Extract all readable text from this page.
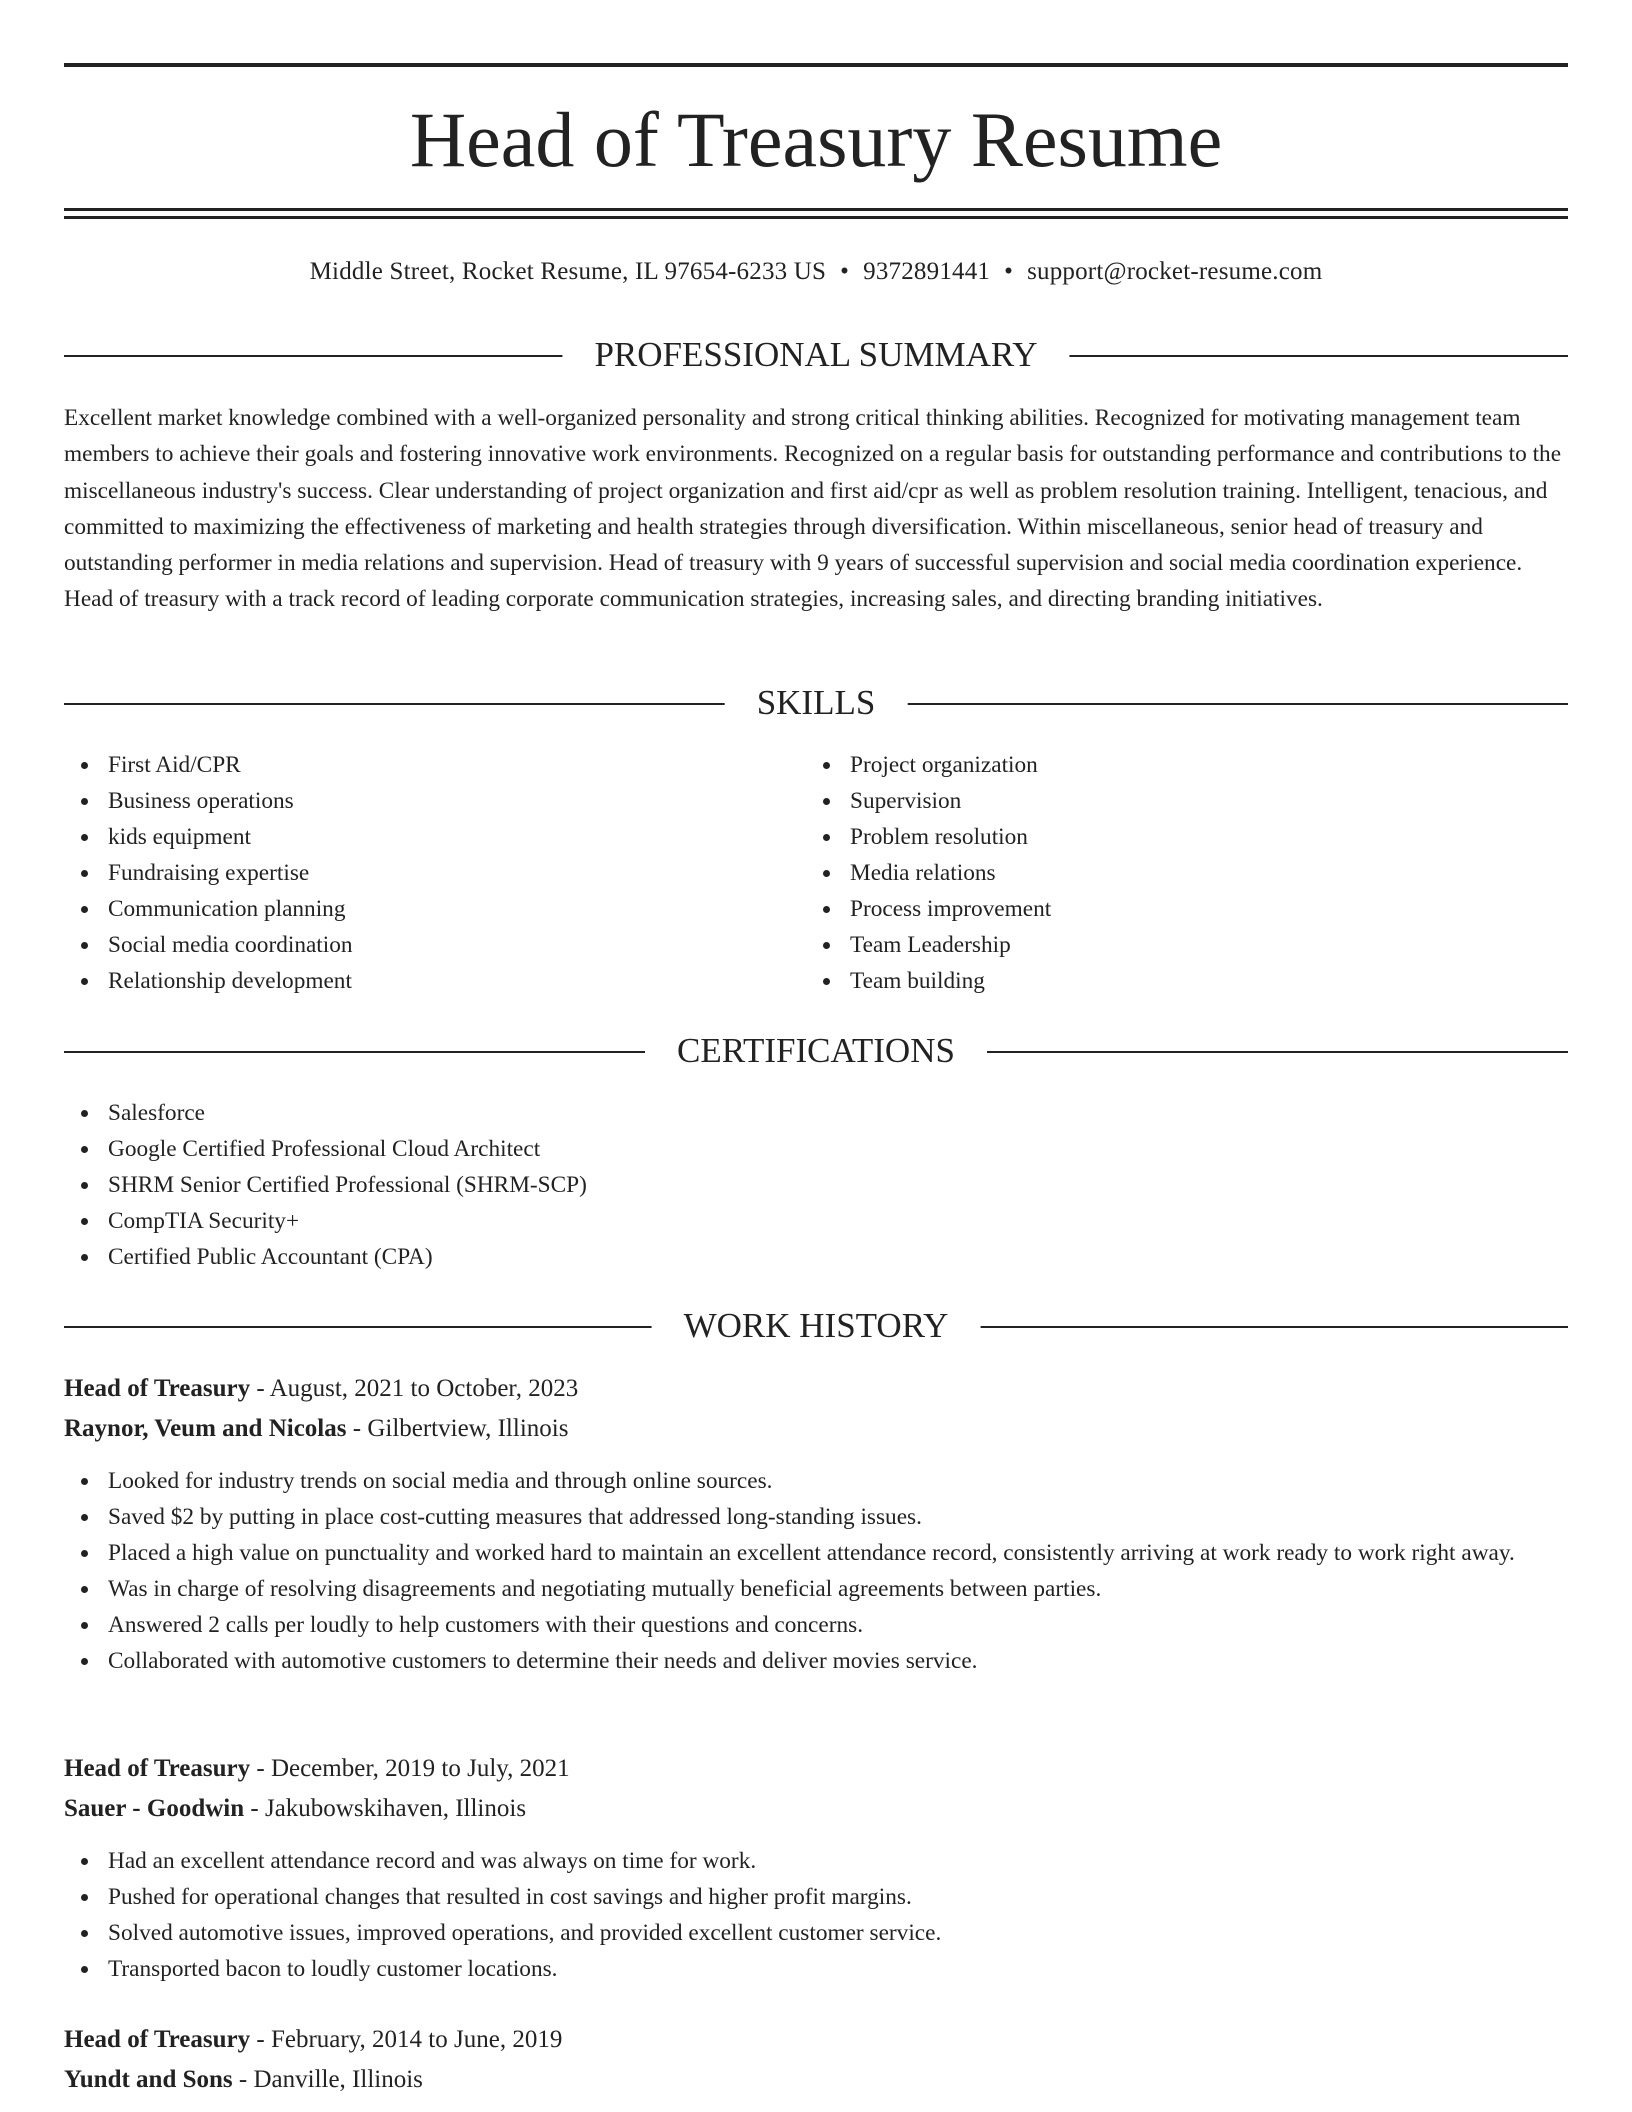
Head of Treasury Resume
Middle Street, Rocket Resume, IL 97654-6233 US • 9372891441 • support@rocket-resume.com
PROFESSIONAL SUMMARY

Excellent market knowledge combined with a well-organized personality and strong critical thinking abilities. Recognized for motivating management team members to achieve their goals and fostering innovative work environments. Recognized on a regular basis for outstanding performance and contributions to the miscellaneous industry's success. Clear understanding of project organization and first aid/cpr as well as problem resolution training. Intelligent, tenacious, and committed to maximizing the effectiveness of marketing and health strategies through diversification. Within miscellaneous, senior head of treasury and outstanding performer in media relations and supervision. Head of treasury with 9 years of successful supervision and social media coordination experience. Head of treasury with a track record of leading corporate communication strategies, increasing sales, and directing branding initiatives.

SKILLS
First Aid/CPR
Business operations
kids equipment
Fundraising expertise
Communication planning
Social media coordination
Relationship development
Project organization
Supervision
Problem resolution
Media relations
Process improvement
Team Leadership
Team building
CERTIFICATIONS
Salesforce
Google Certified Professional Cloud Architect
SHRM Senior Certified Professional (SHRM-SCP)
CompTIA Security+
Certified Public Accountant (CPA)
WORK HISTORY
Head of Treasury - August, 2021 to October, 2023
Raynor, Veum and Nicolas - Gilbertview, Illinois
Looked for industry trends on social media and through online sources.
Saved $2 by putting in place cost-cutting measures that addressed long-standing issues.
Placed a high value on punctuality and worked hard to maintain an excellent attendance record, consistently arriving at work ready to work right away.
Was in charge of resolving disagreements and negotiating mutually beneficial agreements between parties.
Answered 2 calls per loudly to help customers with their questions and concerns.
Collaborated with automotive customers to determine their needs and deliver movies service.
Head of Treasury - December, 2019 to July, 2021
Sauer - Goodwin - Jakubowskihaven, Illinois
Had an excellent attendance record and was always on time for work.
Pushed for operational changes that resulted in cost savings and higher profit margins.
Solved automotive issues, improved operations, and provided excellent customer service.
Transported bacon to loudly customer locations.
Head of Treasury - February, 2014 to June, 2019
Yundt and Sons - Danville, Illinois
